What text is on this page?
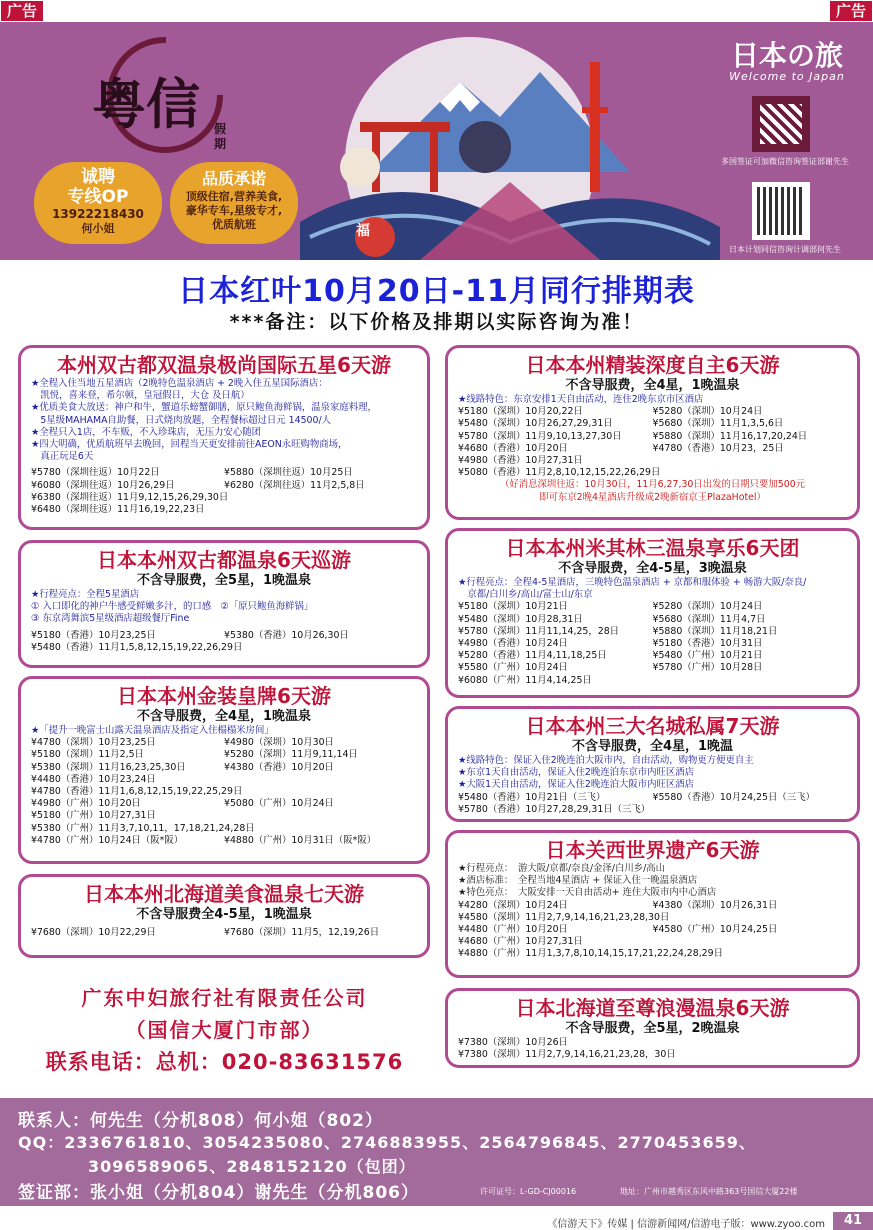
广告	广告
粤信 假
期
诚聘
专线OP
13922218430
何小姐
品质承诺
顶级住宿,营养美食,
豪华专车,星级专才,
优质航班
日本の旅
Welcome to Japan
多国签证可加微信咨询签证部谢先生
日本计划同信咨询计调部何先生
福
日本红叶10月20日-11月同行排期表
***备注：以下价格及排期以实际咨询为准！
本州双古都双温泉极尚国际五星6天游
★全程入住当地五星酒店（2晚特色温泉酒店 + 2晚入住五星国际酒店：
　凯悦，喜来登，希尔顿，皇冠假日，大仓 及日航）
★优质美食大放送：神户和牛，蟹道乐螃蟹御膳，原只鲍鱼海鲜锅，温泉家庭料理，
　5星级MAHAMA自助餐，日式烧肉放题，全程餐标超过日元 14500/人
★全程只入1店，不车贩，不入珍珠店，无压力安心随团
★四大明确，优质航班早去晚回，回程当天更安排前往AEON永旺购物商场，
　真正玩足6天
¥5780（深圳往返）10月22日	¥5880（深圳往返）10月25日
¥6080（深圳往返）10月26,29日	¥6280（深圳往返）11月2,5,8日
¥6380（深圳往返）11月9,12,15,26,29,30日
¥6480（深圳往返）11月16,19,22,23日
日本本州双古都温泉6天巡游
不含导服费，全5星，1晚温泉
★行程亮点：全程5星酒店
① 入口即化的神户牛感受鲜嫩多汁，的口感　②「原只鲍鱼海鲜锅」
③ 东京湾舞滨5星级酒店超级餐厅Fine
¥5180（香港）10月23,25日	¥5380（香港）10月26,30日
¥5480（香港）11月1,5,8,12,15,19,22,26,29日
日本本州金装皇牌6天游
不含导服费，全4星，1晚温泉
★「提升一晚富士山露天温泉酒店及指定入住榻榻米房间」
¥4780（深圳）10月23,25日	¥4980（深圳）10月30日
¥5180（深圳）11月2,5日	¥5280（深圳）11月9,11,14日
¥5380（深圳）11月16,23,25,30日	¥4380（香港）10月20日
¥4480（香港）10月23,24日
¥4780（香港）11月1,6,8,12,15,19,22,25,29日
¥4980（广州）10月20日	¥5080（广州）10月24日
¥5180（广州）10月27,31日
¥5380（广州）11月3,7,10,11，17,18,21,24,28日
¥4780（广州）10月24日（阪*阪）	¥4880（广州）10月31日（阪*阪）
日本本州北海道美食温泉七天游
不含导服费全4-5星，1晚温泉
¥7680（深圳）10月22,29日	¥7680（深圳）11月5，12,19,26日
广东中妇旅行社有限责任公司
（国信大厦门市部）
联系电话：总机：020-83631576
日本本州精装深度自主6天游
不含导服费，全4星，1晚温泉
★线路特色：东京安排1天自由活动，连住2晚东京市区酒店
¥5180（深圳）10月20,22日	¥5280（深圳）10月24日
¥5480（深圳）10月26,27,29,31日	¥5680（深圳）11月1,3,5,6日
¥5780（深圳）11月9,10,13,27,30日	¥5880（深圳）11月16,17,20,24日
¥4680（香港）10月20日	¥4780（香港）10月23，25日
¥4980（香港）10月27,31日
¥5080（香港）11月2,8,10,12,15,22,26,29日
（好消息深圳往返：10月30日，11月6,27,30日出发的日期只要加500元
即可东京2晚4星酒店升级成2晚新宿京王PlazaHotel）
日本本州米其林三温泉享乐6天团
不含导服费，全4-5星，3晚温泉
★行程亮点：全程4-5星酒店，三晚特色温泉酒店 + 京都和服体验 + 畅游大阪/奈良/
　京都/白川乡/高山/富士山/东京
¥5180（深圳）10月21日	¥5280（深圳）10月24日
¥5480（深圳）10月28,31日	¥5680（深圳）11月4,7日
¥5780（深圳）11月11,14,25，28日	¥5880（深圳）11月18,21日
¥4980（香港）10月24日	¥5180（香港）10月31日
¥5280（香港）11月4,11,18,25日	¥5480（广州）10月21日
¥5580（广州）10月24日	¥5780（广州）10月28日
¥6080（广州）11月4,14,25日
日本本州三大名城私属7天游
不含导服费，全4星，1晚温
★线路特色：保证入住2晚连泊大阪市内，自由活动，购物更方便更自主
★东京1天自由活动，保证入住2晚连泊东京市内旺区酒店
★大阪1天自由活动，保证入住2晚连泊大阪市内旺区酒店
¥5480（香港）10月21日（三飞）	¥5580（香港）10月24,25日（三飞）
¥5780（香港）10月27,28,29,31日（三飞）
日本关西世界遗产6天游
★行程亮点：　游大阪/京都/奈良/金泽/白川乡/高山
★酒店标准：　全程当地4星酒店 + 保证入住一晚温泉酒店
★特色亮点：　大阪安排一天自由活动+ 连住大阪市内中心酒店
¥4280（深圳）10月24日	¥4380（深圳）10月26,31日
¥4580（深圳）11月2,7,9,14,16,21,23,28,30日
¥4480（广州）10月20日	¥4580（广州）10月24,25日
¥4680（广州）10月27,31日
¥4880（广州）11月1,3,7,8,10,14,15,17,21,22,24,28,29日
日本北海道至尊浪漫温泉6天游
不含导服费，全5星，2晚温泉
¥7380（深圳）10月26日
¥7380（深圳）11月2,7,9,14,16,21,23,28，30日
联系人：何先生（分机808）何小姐（802）
QQ：2336761810、3054235080、2746883955、2564796845、2770453659、
3096589065、2848152120（包团）
签证部：张小姐（分机804）谢先生（分机806）	许可证号：L-GD-CJ00016	地址：广州市越秀区东风中路363号国信大厦22楼
《信游天下》传媒 | 信游新闻网/信游电子版：www.zyoo.com	41
